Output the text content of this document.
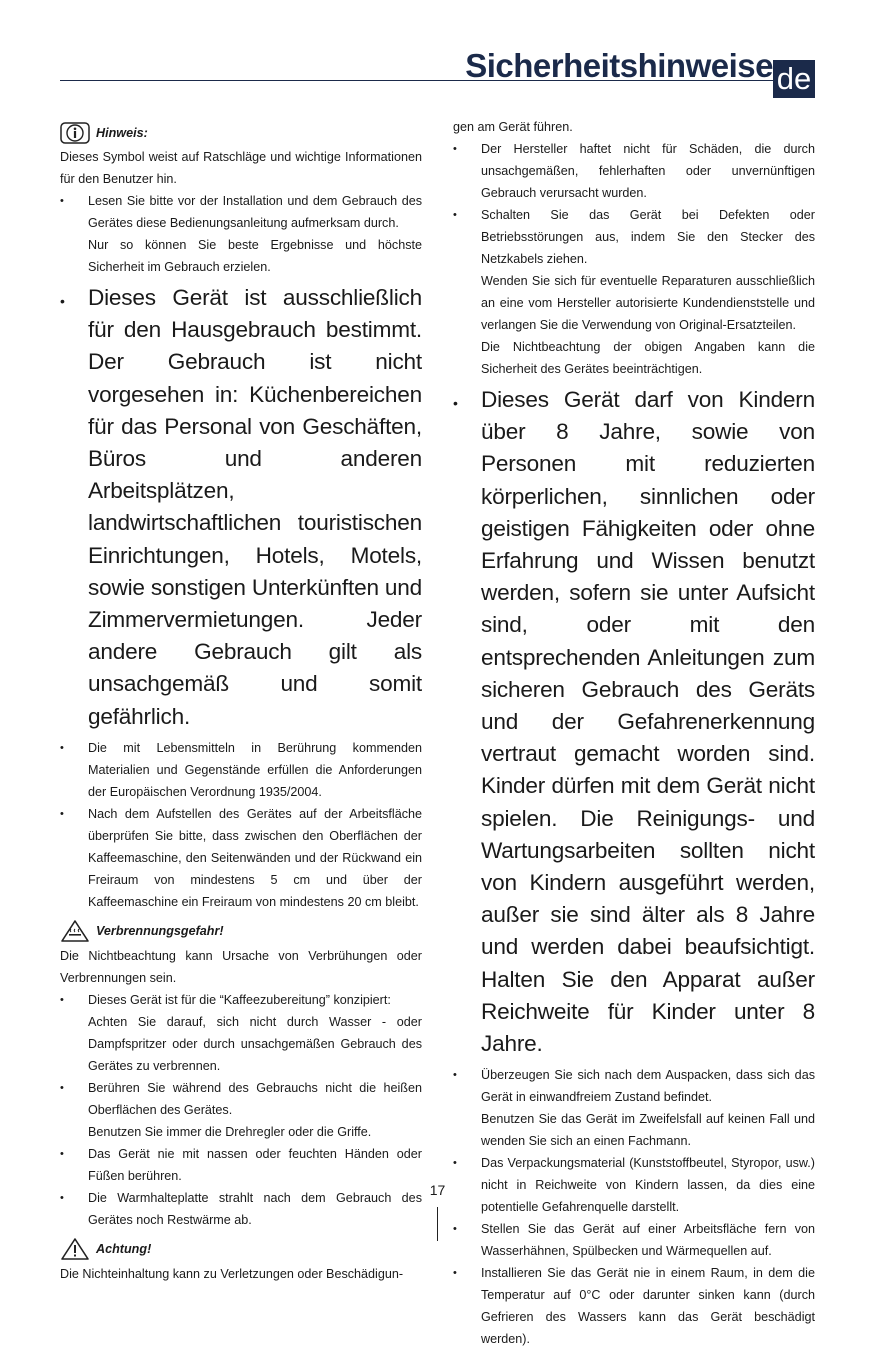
Sicherheitshinweise de
Hinweis:

Dieses Symbol weist auf Ratschläge und wichtige Informationen für den Benutzer hin.

• Lesen Sie bitte vor der Installation und dem Gebrauch des Gerätes diese Bedienungsanleitung aufmerksam durch.
Nur so können Sie beste Ergebnisse und höchste Sicherheit im Gebrauch erzielen.
• Dieses Gerät ist ausschließlich für den Hausgebrauch bestimmt. Der Gebrauch ist nicht vorgesehen in: Küchenbereichen für das Personal von Geschäften, Büros und anderen Arbeitsplätzen, landwirtschaftlichen touristischen Einrichtungen, Hotels, Motels, sowie sonstigen Unterkünften und Zimmervermietungen. Jeder andere Gebrauch gilt als unsachgemäß und somit gefährlich.
• Die mit Lebensmitteln in Berührung kommenden Materialien und Gegenstände erfüllen die Anforderungen der Europäischen Verordnung 1935/2004.
• Nach dem Aufstellen des Gerätes auf der Arbeitsfläche überprüfen Sie bitte, dass zwischen den Oberflächen der Kaffeemaschine, den Seitenwänden und der Rückwand ein Freiraum von mindestens 5 cm und über der Kaffeemaschine ein Freiraum von mindestens 20 cm bleibt.
Verbrennungsgefahr!

Die Nichtbeachtung kann Ursache von Verbrühungen oder Verbrennungen sein.

• Dieses Gerät ist für die “Kaffeezubereitung” konzipiert:
Achten Sie darauf, sich nicht durch Wasser - oder Dampfspritzer oder durch unsachgemäßen Gebrauch des Gerätes zu verbrennen.
• Berühren Sie während des Gebrauchs nicht die heißen Oberflächen des Gerätes.
Benutzen Sie immer die Drehregler oder die Griffe.
• Das Gerät nie mit nassen oder feuchten Händen oder Füßen berühren.
• Die Warmhalteplatte strahlt nach dem Gebrauch des Gerätes noch Restwärme ab.
Achtung!

Die Nichteinhaltung kann zu Verletzungen oder Beschädigun-

gen am Gerät führen.

• Der Hersteller haftet nicht für Schäden, die durch unsachgemäßen, fehlerhaften oder unvernünftigen Gebrauch verursacht wurden.
• Schalten Sie das Gerät bei Defekten oder Betriebsstörungen aus, indem Sie den Stecker des Netzkabels ziehen.
Wenden Sie sich für eventuelle Reparaturen ausschließlich an eine vom Hersteller autorisierte Kundendienststelle und verlangen Sie die Verwendung von Original-Ersatzteilen.
Die Nichtbeachtung der obigen Angaben kann die Sicherheit des Gerätes beeinträchtigen.
• Dieses Gerät darf von Kindern über 8 Jahre, sowie von Personen mit reduzierten körperlichen, sinnlichen oder geistigen Fähigkeiten oder ohne Erfahrung und Wissen benutzt werden, sofern sie unter Aufsicht sind, oder mit den entsprechenden Anleitungen zum sicheren Gebrauch des Geräts und der Gefahrenerkennung vertraut gemacht worden sind. Kinder dürfen mit dem Gerät nicht spielen. Die Reinigungs- und Wartungsarbeiten sollten nicht von Kindern ausgeführt werden, außer sie sind älter als 8 Jahre und werden dabei beaufsichtigt. Halten Sie den Apparat außer Reichweite für Kinder unter 8 Jahre.
• Überzeugen Sie sich nach dem Auspacken, dass sich das Gerät in einwandfreiem Zustand befindet.
Benutzen Sie das Gerät im Zweifelsfall auf keinen Fall und wenden Sie sich an einen Fachmann.
• Das Verpackungsmaterial (Kunststoffbeutel, Styropor, usw.) nicht in Reichweite von Kindern lassen, da dies eine potentielle Gefahrenquelle darstellt.
• Stellen Sie das Gerät auf einer Arbeitsfläche fern von Wasserhähnen, Spülbecken und Wärmequellen auf.
• Installieren Sie das Gerät nie in einem Raum, in dem die Temperatur auf 0°C oder darunter sinken kann (durch Gefrieren des Wassers kann das Gerät beschädigt werden).
17
